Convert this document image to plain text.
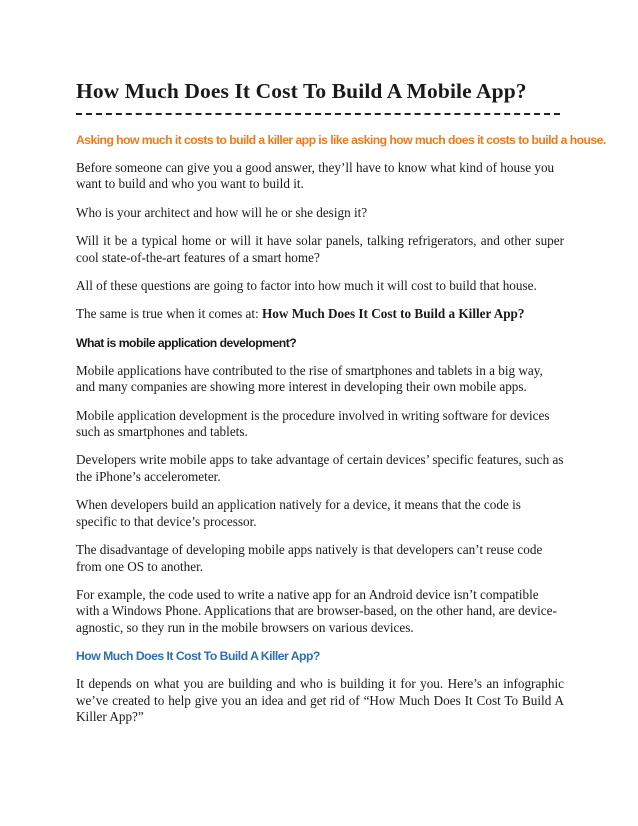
How Much Does It Cost To Build A Mobile App?
Asking how much it costs to build a killer app is like asking how much does it costs to build a house.

Before someone can give you a good answer, they’ll have to know what kind of house you want to build and who you want to build it.

Who is your architect and how will he or she design it?

Will it be a typical home or will it have solar panels, talking refrigerators, and other super cool state-of-the-art features of a smart home?

All of these questions are going to factor into how much it will cost to build that house.

The same is true when it comes at: How Much Does It Cost to Build a Killer App?

What is mobile application development?

Mobile applications have contributed to the rise of smartphones and tablets in a big way, and many companies are showing more interest in developing their own mobile apps.

Mobile application development is the procedure involved in writing software for devices such as smartphones and tablets.

Developers write mobile apps to take advantage of certain devices’ specific features, such as the iPhone’s accelerometer.

When developers build an application natively for a device, it means that the code is specific to that device’s processor.

The disadvantage of developing mobile apps natively is that developers can’t reuse code from one OS to another.

For example, the code used to write a native app for an Android device isn’t compatible with a Windows Phone. Applications that are browser-based, on the other hand, are device-agnostic, so they run in the mobile browsers on various devices.

How Much Does It Cost To Build A Killer App?

It depends on what you are building and who is building it for you. Here’s an infographic we’ve created to help give you an idea and get rid of “How Much Does It Cost To Build A Killer App?”
